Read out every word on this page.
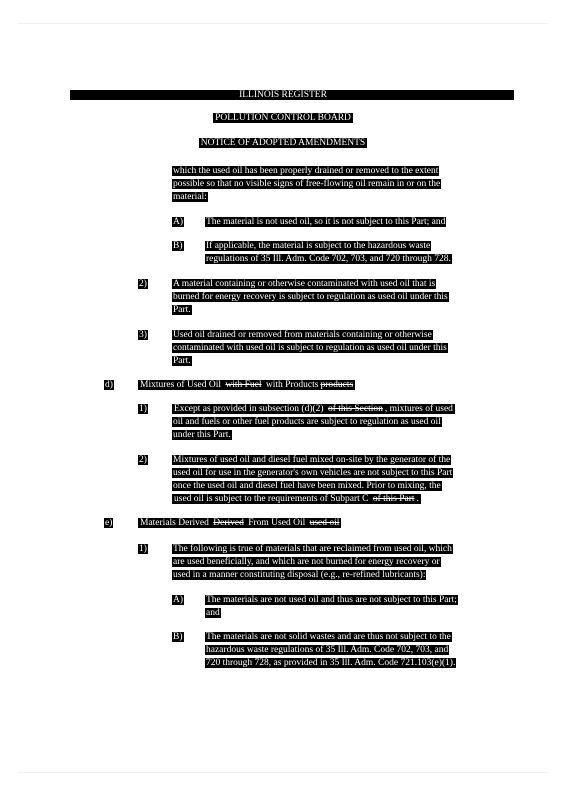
ILLINOIS REGISTER
POLLUTION CONTROL BOARD
NOTICE OF ADOPTED AMENDMENTS
which the used oil has been properly drained or removed to the extent
possible so that no visible signs of free-flowing oil remain in or on the
material:
A) The material is not used oil, so it is not subject to this Part; and
B) If applicable, the material is subject to the hazardous waste
regulations of 35 Ill. Adm. Code 702, 703, and 720 through 728.
2)	A material containing or otherwise contaminated with used oil that is
burned for energy recovery is subject to regulation as used oil under this
Part.
3)	Used oil drained or removed from materials containing or otherwise
contaminated with used oil is subject to regulation as used oil under this
Part.
d)	Mixtures of Used Oil with Fuel with Products products
1)	Except as provided in subsection (d)(2) of this Section , mixtures of used
oil and fuels or other fuel products are subject to regulation as used oil
under this Part.
2)	Mixtures of used oil and diesel fuel mixed on-site by the generator of the
used oil for use in the generator's own vehicles are not subject to this Part
once the used oil and diesel fuel have been mixed. Prior to mixing, the
used oil is subject to the requirements of Subpart C of this Part .
e)	Materials Derived Derived From Used Oil used oil
1)	The following is true of materials that are reclaimed from used oil, which
are used beneficially, and which are not burned for energy recovery or
used in a manner constituting disposal (e.g., re-refined lubricants):
A) The materials are not used oil and thus are not subject to this Part;
and
B) The materials are not solid wastes and are thus not subject to the
hazardous waste regulations of 35 Ill. Adm. Code 702, 703, and
720 through 728, as provided in 35 Ill. Adm. Code 721.103(e)(1).
